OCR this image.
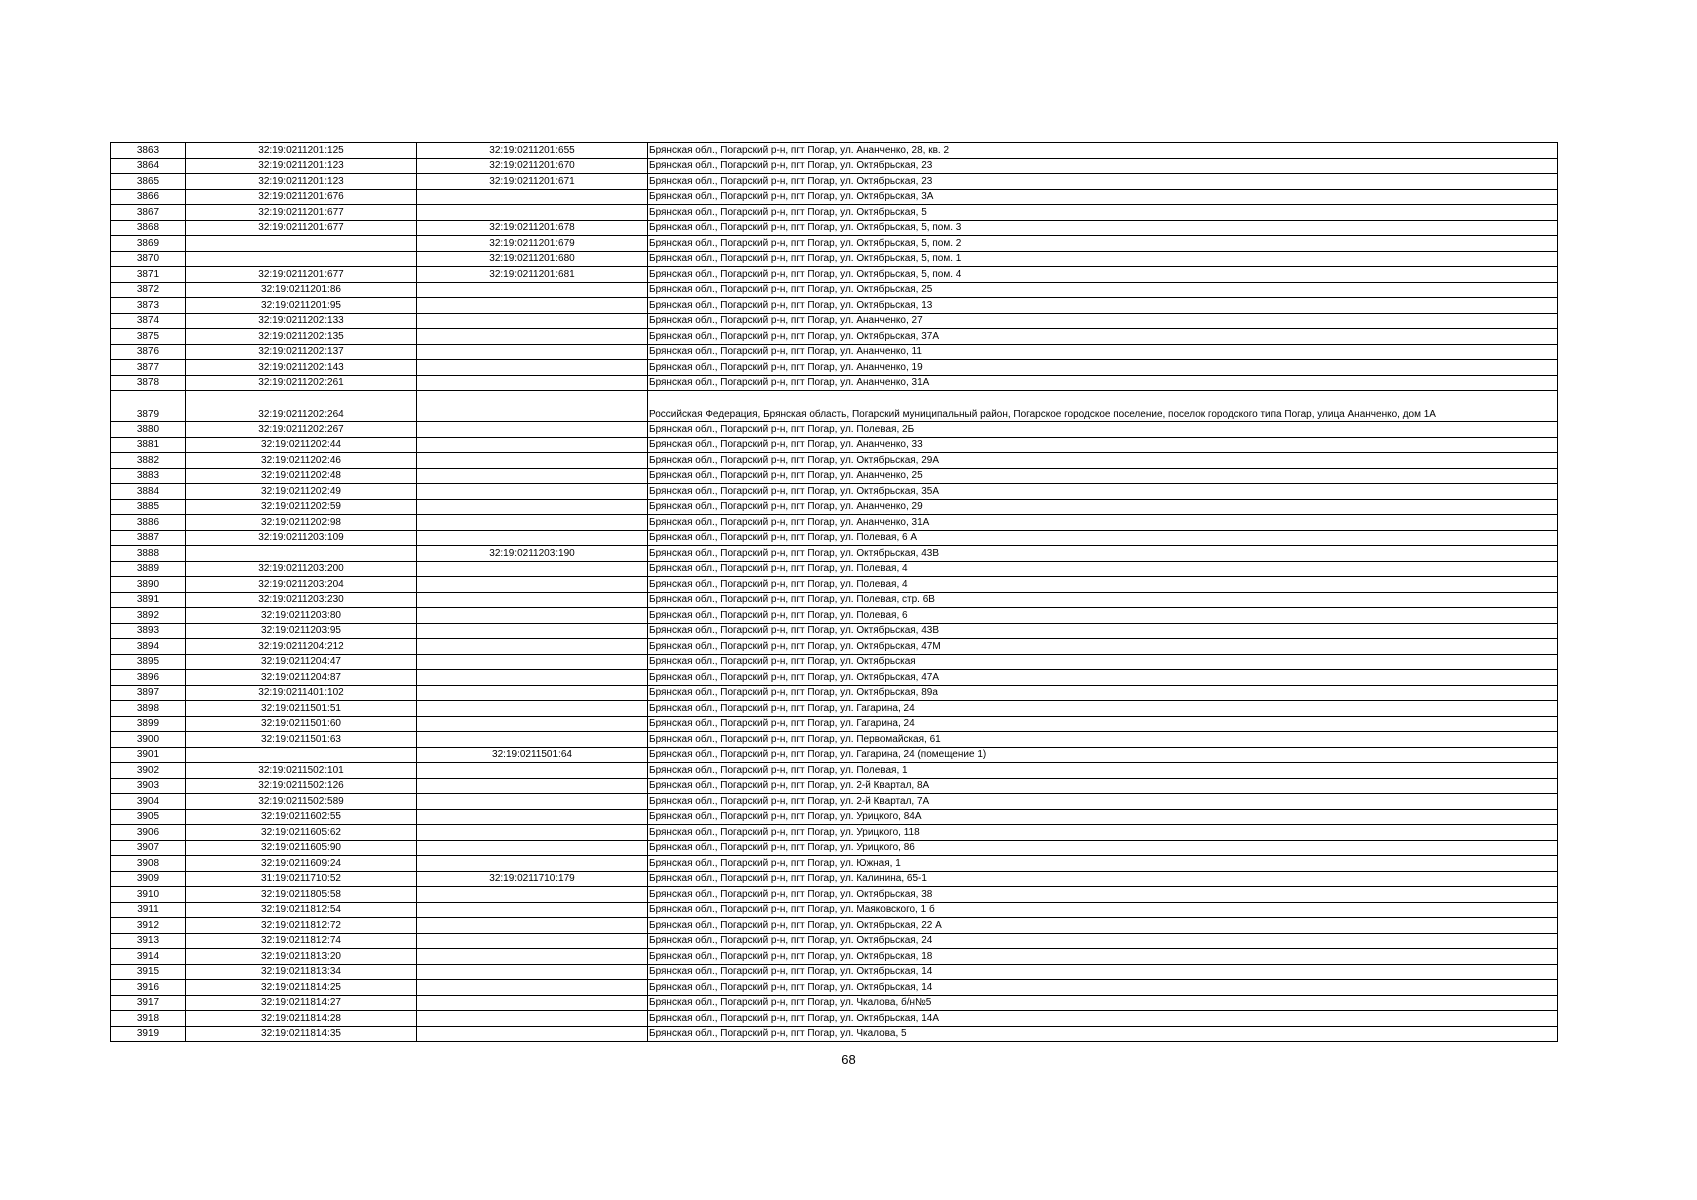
3863	32:19:0211201:125	32:19:0211201:655	Брянская обл., Погарский р-н, пгт Погар, ул. Ананченко, 28, кв. 2
3864	32:19:0211201:123	32:19:0211201:670	Брянская обл., Погарский р-н, пгт Погар, ул. Октябрьская, 23
3865	32:19:0211201:123	32:19:0211201:671	Брянская обл., Погарский р-н, пгт Погар, ул. Октябрьская, 23
3866	32:19:0211201:676		Брянская обл., Погарский р-н, пгт Погар, ул. Октябрьская, 3А
3867	32:19:0211201:677		Брянская обл., Погарский р-н, пгт Погар, ул. Октябрьская, 5
3868	32:19:0211201:677	32:19:0211201:678	Брянская обл., Погарский р-н, пгт Погар, ул. Октябрьская, 5, пом. 3
3869		32:19:0211201:679	Брянская обл., Погарский р-н, пгт Погар, ул. Октябрьская, 5, пом. 2
3870		32:19:0211201:680	Брянская обл., Погарский р-н, пгт Погар, ул. Октябрьская, 5, пом. 1
3871	32:19:0211201:677	32:19:0211201:681	Брянская обл., Погарский р-н, пгт Погар, ул. Октябрьская, 5, пом. 4
3872	32:19:0211201:86		Брянская обл., Погарский р-н, пгт Погар, ул. Октябрьская, 25
3873	32:19:0211201:95		Брянская обл., Погарский р-н, пгт Погар, ул. Октябрьская, 13
3874	32:19:0211202:133		Брянская обл., Погарский р-н, пгт Погар, ул. Ананченко, 27
3875	32:19:0211202:135		Брянская обл., Погарский р-н, пгт Погар, ул. Октябрьская, 37А
3876	32:19:0211202:137		Брянская обл., Погарский р-н, пгт Погар, ул. Ананченко, 11
3877	32:19:0211202:143		Брянская обл., Погарский р-н, пгт Погар, ул. Ананченко, 19
3878	32:19:0211202:261		Брянская обл., Погарский р-н, пгт Погар, ул. Ананченко, 31А
3879	32:19:0211202:264		Российская Федерация, Брянская область, Погарский муниципальный район, Погарское городское поселение, поселок городского типа Погар, улица Ананченко, дом 1А
3880	32:19:0211202:267		Брянская обл., Погарский р-н, пгт Погар, ул. Полевая, 2Б
3881	32:19:0211202:44		Брянская обл., Погарский р-н, пгт Погар, ул. Ананченко, 33
3882	32:19:0211202:46		Брянская обл., Погарский р-н, пгт Погар, ул. Октябрьская, 29А
3883	32:19:0211202:48		Брянская обл., Погарский р-н, пгт Погар, ул. Ананченко, 25
3884	32:19:0211202:49		Брянская обл., Погарский р-н, пгт Погар, ул. Октябрьская, 35А
3885	32:19:0211202:59		Брянская обл., Погарский р-н, пгт Погар, ул. Ананченко, 29
3886	32:19:0211202:98		Брянская обл., Погарский р-н, пгт Погар, ул. Ананченко, 31А
3887	32:19:0211203:109		Брянская обл., Погарский р-н, пгт Погар, ул. Полевая, 6 А
3888		32:19:0211203:190	Брянская обл., Погарский р-н, пгт Погар, ул. Октябрьская, 43В
3889	32:19:0211203:200		Брянская обл., Погарский р-н, пгт Погар, ул. Полевая, 4
3890	32:19:0211203:204		Брянская обл., Погарский р-н, пгт Погар, ул. Полевая, 4
3891	32:19:0211203:230		Брянская обл., Погарский р-н, пгт Погар, ул. Полевая, стр. 6В
3892	32:19:0211203:80		Брянская обл., Погарский р-н, пгт Погар, ул. Полевая, 6
3893	32:19:0211203:95		Брянская обл., Погарский р-н, пгт Погар, ул. Октябрьская, 43В
3894	32:19:0211204:212		Брянская обл., Погарский р-н, пгт Погар, ул. Октябрьская, 47М
3895	32:19:0211204:47		Брянская обл., Погарский р-н, пгт Погар, ул. Октябрьская
3896	32:19:0211204:87		Брянская обл., Погарский р-н, пгт Погар, ул. Октябрьская, 47А
3897	32:19:0211401:102		Брянская обл., Погарский р-н, пгт Погар, ул. Октябрьская, 89а
3898	32:19:0211501:51		Брянская обл., Погарский р-н, пгт Погар, ул. Гагарина, 24
3899	32:19:0211501:60		Брянская обл., Погарский р-н, пгт Погар, ул. Гагарина, 24
3900	32:19:0211501:63		Брянская обл., Погарский р-н, пгт Погар, ул. Первомайская, 61
3901		32:19:0211501:64	Брянская обл., Погарский р-н, пгт Погар, ул. Гагарина, 24 (помещение 1)
3902	32:19:0211502:101		Брянская обл., Погарский р-н, пгт Погар, ул. Полевая, 1
3903	32:19:0211502:126		Брянская обл., Погарский р-н, пгт Погар, ул. 2-й Квартал, 8А
3904	32:19:0211502:589		Брянская обл., Погарский р-н, пгт Погар, ул. 2-й Квартал, 7А
3905	32:19:0211602:55		Брянская обл., Погарский р-н, пгт Погар, ул. Урицкого, 84А
3906	32:19:0211605:62		Брянская обл., Погарский р-н, пгт Погар, ул. Урицкого, 118
3907	32:19:0211605:90		Брянская обл., Погарский р-н, пгт Погар, ул. Урицкого, 86
3908	32:19:0211609:24		Брянская обл., Погарский р-н, пгт Погар, ул. Южная, 1
3909	31:19:0211710:52	32:19:0211710:179	Брянская обл., Погарский р-н, пгт Погар, ул. Калинина, 65-1
3910	32:19:0211805:58		Брянская обл., Погарский р-н, пгт Погар, ул. Октябрьская, 38
3911	32:19:0211812:54		Брянская обл., Погарский р-н, пгт Погар, ул. Маяковского, 1 б
3912	32:19:0211812:72		Брянская обл., Погарский р-н, пгт Погар, ул. Октябрьская, 22 А
3913	32:19:0211812:74		Брянская обл., Погарский р-н, пгт Погар, ул. Октябрьская, 24
3914	32:19:0211813:20		Брянская обл., Погарский р-н, пгт Погар, ул. Октябрьская, 18
3915	32:19:0211813:34		Брянская обл., Погарский р-н, пгт Погар, ул. Октябрьская, 14
3916	32:19:0211814:25		Брянская обл., Погарский р-н, пгт Погар, ул. Октябрьская, 14
3917	32:19:0211814:27		Брянская обл., Погарский р-н, пгт Погар, ул. Чкалова, б/н№5
3918	32:19:0211814:28		Брянская обл., Погарский р-н, пгт Погар, ул. Октябрьская, 14А
3919	32:19:0211814:35		Брянская обл., Погарский р-н, пгт Погар, ул. Чкалова, 5
68
